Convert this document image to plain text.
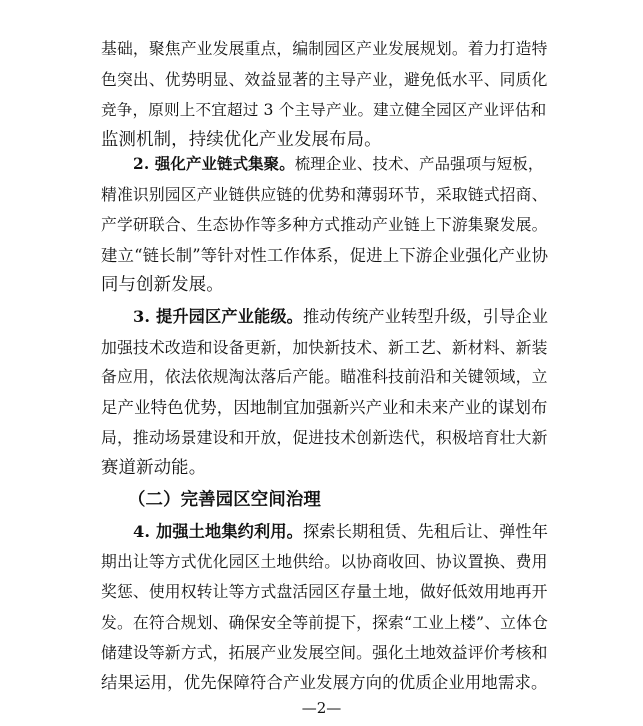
基础，聚焦产业发展重点，编制园区产业发展规划。着力打造特
色突出、优势明显、效益显著的主导产业，避免低水平、同质化
竞争，原则上不宜超过 3 个主导产业。建立健全园区产业评估和
监测机制，持续优化产业发展布局。
2. 强化产业链式集聚。梳理企业、技术、产品强项与短板，
精准识别园区产业链供应链的优势和薄弱环节，采取链式招商、
产学研联合、生态协作等多种方式推动产业链上下游集聚发展。
建立“链长制”等针对性工作体系，促进上下游企业强化产业协
同与创新发展。
3. 提升园区产业能级。推动传统产业转型升级，引导企业
加强技术改造和设备更新，加快新技术、新工艺、新材料、新装
备应用，依法依规淘汰落后产能。瞄准科技前沿和关键领域，立
足产业特色优势，因地制宜加强新兴产业和未来产业的谋划布
局，推动场景建设和开放，促进技术创新迭代，积极培育壮大新
赛道新动能。
（二）完善园区空间治理
4. 加强土地集约利用。探索长期租赁、先租后让、弹性年
期出让等方式优化园区土地供给。以协商收回、协议置换、费用
奖惩、使用权转让等方式盘活园区存量土地，做好低效用地再开
发。在符合规划、确保安全等前提下，探索“工业上楼”、立体仓
储建设等新方式，拓展产业发展空间。强化土地效益评价考核和
结果运用，优先保障符合产业发展方向的优质企业用地需求。
—2—
